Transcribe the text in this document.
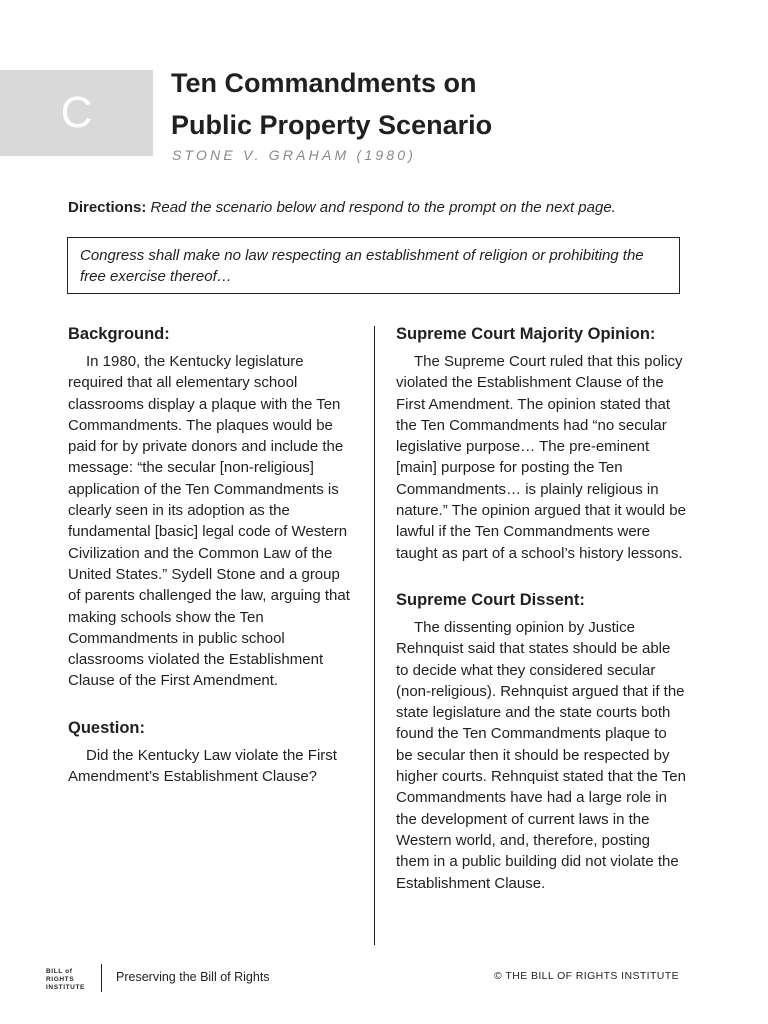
C
Ten Commandments on
Public Property Scenario
STONE V. GRAHAM (1980)
Directions: Read the scenario below and respond to the prompt on the next page.
Congress shall make no law respecting an establishment of religion or prohibiting the free exercise thereof…
Background:

In 1980, the Kentucky legislature required that all elementary school classrooms display a plaque with the Ten Commandments. The plaques would be paid for by private donors and include the message: “the secular [non-religious] application of the Ten Commandments is clearly seen in its adoption as the fundamental [basic] legal code of Western Civilization and the Common Law of the United States.” Sydell Stone and a group of parents challenged the law, arguing that making schools show the Ten Commandments in public school classrooms violated the Establishment Clause of the First Amendment.

Question:

Did the Kentucky Law violate the First Amendment’s Establishment Clause?

Supreme Court Majority Opinion:

The Supreme Court ruled that this policy violated the Establishment Clause of the First Amendment. The opinion stated that the Ten Commandments had “no secular legislative purpose… The pre-eminent [main] purpose for posting the Ten Commandments… is plainly religious in nature.” The opinion argued that it would be lawful if the Ten Commandments were taught as part of a school’s history lessons.

Supreme Court Dissent:

The dissenting opinion by Justice Rehnquist said that states should be able to decide what they considered secular (non-religious). Rehnquist argued that if the state legislature and the state courts both found the Ten Commandments plaque to be secular then it should be respected by higher courts. Rehnquist stated that the Ten Commandments have had a large role in the development of current laws in the Western world, and, therefore, posting them in a public building did not violate the Establishment Clause.

BILL of RIGHTS
INSTITUTE
Preserving the Bill of Rights	© THE BILL OF RIGHTS INSTITUTE
